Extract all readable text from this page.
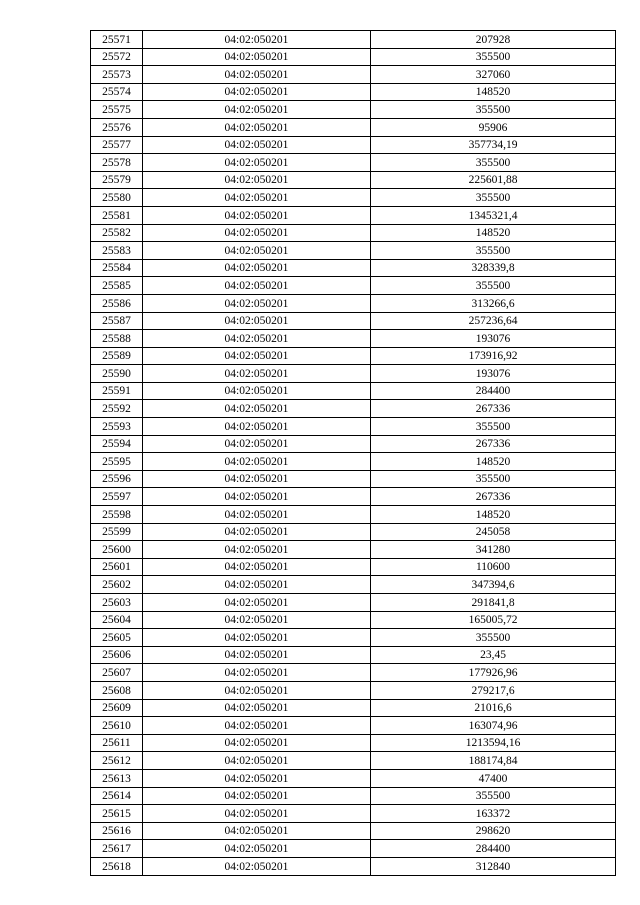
25571	04:02:050201	207928
25572	04:02:050201	355500
25573	04:02:050201	327060
25574	04:02:050201	148520
25575	04:02:050201	355500
25576	04:02:050201	95906
25577	04:02:050201	357734,19
25578	04:02:050201	355500
25579	04:02:050201	225601,88
25580	04:02:050201	355500
25581	04:02:050201	1345321,4
25582	04:02:050201	148520
25583	04:02:050201	355500
25584	04:02:050201	328339,8
25585	04:02:050201	355500
25586	04:02:050201	313266,6
25587	04:02:050201	257236,64
25588	04:02:050201	193076
25589	04:02:050201	173916,92
25590	04:02:050201	193076
25591	04:02:050201	284400
25592	04:02:050201	267336
25593	04:02:050201	355500
25594	04:02:050201	267336
25595	04:02:050201	148520
25596	04:02:050201	355500
25597	04:02:050201	267336
25598	04:02:050201	148520
25599	04:02:050201	245058
25600	04:02:050201	341280
25601	04:02:050201	110600
25602	04:02:050201	347394,6
25603	04:02:050201	291841,8
25604	04:02:050201	165005,72
25605	04:02:050201	355500
25606	04:02:050201	23,45
25607	04:02:050201	177926,96
25608	04:02:050201	279217,6
25609	04:02:050201	21016,6
25610	04:02:050201	163074,96
25611	04:02:050201	1213594,16
25612	04:02:050201	188174,84
25613	04:02:050201	47400
25614	04:02:050201	355500
25615	04:02:050201	163372
25616	04:02:050201	298620
25617	04:02:050201	284400
25618	04:02:050201	312840
